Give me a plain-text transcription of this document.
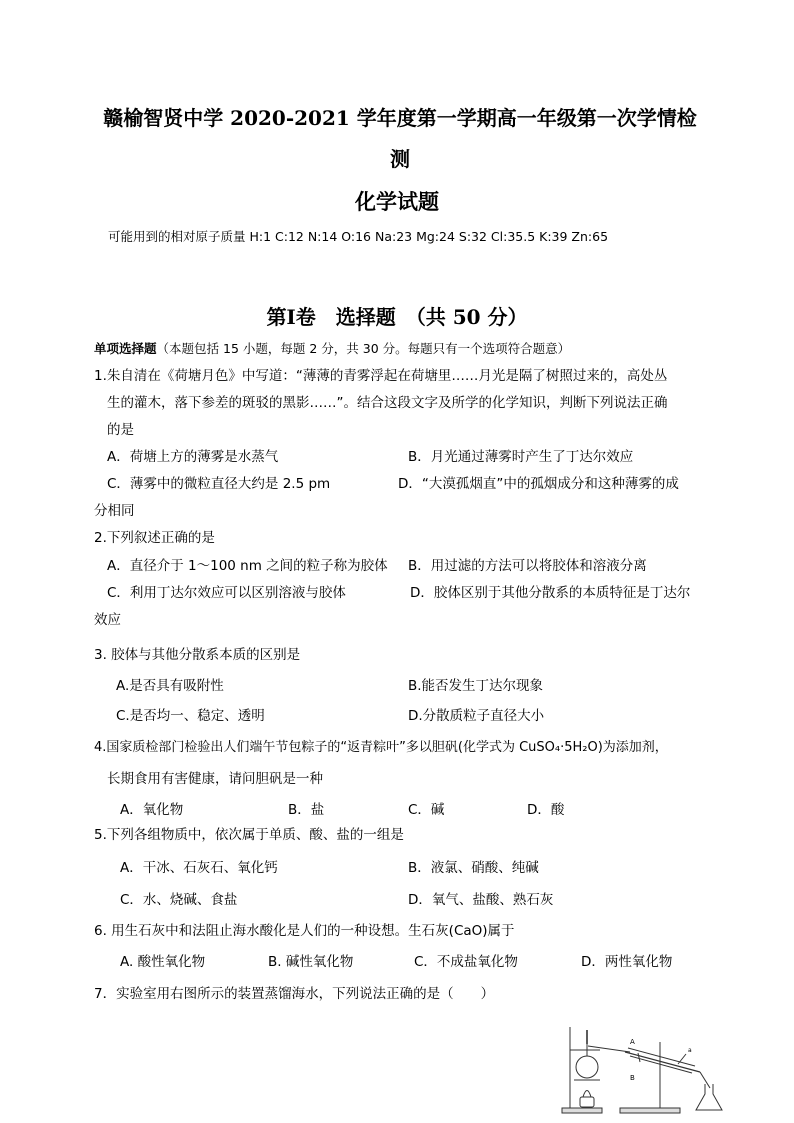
赣榆智贤中学 2020-2021 学年度第一学期高一年级第一次学情检
测
化学试题
可能用到的相对原子质量 H:1 C:12 N:14 O:16 Na:23 Mg:24 S:32 Cl:35.5 K:39 Zn:65
第Ⅰ卷　选择题　（共 50 分）
单项选择题（本题包括 15 小题，每题 2 分，共 30 分。每题只有一个选项符合题意）
1.朱自清在《荷塘月色》中写道：“薄薄的青雾浮起在荷塘里……月光是隔了树照过来的，高处丛
生的灌木，落下参差的斑驳的黑影……”。结合这段文字及所学的化学知识，判断下列说法正确
的是
A．荷塘上方的薄雾是水蒸气	B．月光通过薄雾时产生了丁达尔效应
C．薄雾中的微粒直径大约是 2.5 pm	D．“大漠孤烟直”中的孤烟成分和这种薄雾的成
分相同
2.下列叙述正确的是
A．直径介于 1～100 nm 之间的粒子称为胶体 B．用过滤的方法可以将胶体和溶液分离
C．利用丁达尔效应可以区别溶液与胶体	D．胶体区别于其他分散系的本质特征是丁达尔
效应
3. 胶体与其他分散系本质的区别是
A.是否具有吸附性	B.能否发生丁达尔现象
C.是否均一、稳定、透明	D.分散质粒子直径大小
4.国家质检部门检验出人们端午节包粽子的“返青粽叶”多以胆矾(化学式为 CuSO₄·5H₂O)为添加剂，
长期食用有害健康，请问胆矾是一种
A．氧化物	B．盐	C．碱	D．酸
5.下列各组物质中，依次属于单质、酸、盐的一组是
A．干冰、石灰石、氧化钙	B．液氯、硝酸、纯碱
C．水、烧碱、食盐	D．氧气、盐酸、熟石灰
6. 用生石灰中和法阻止海水酸化是人们的一种设想。生石灰(CaO)属于
A. 酸性氧化物	B. 碱性氧化物	C．不成盐氧化物	D．两性氧化物
7．实验室用右图所示的装置蒸馏海水，下列说法正确的是（　　）
A
B
a
